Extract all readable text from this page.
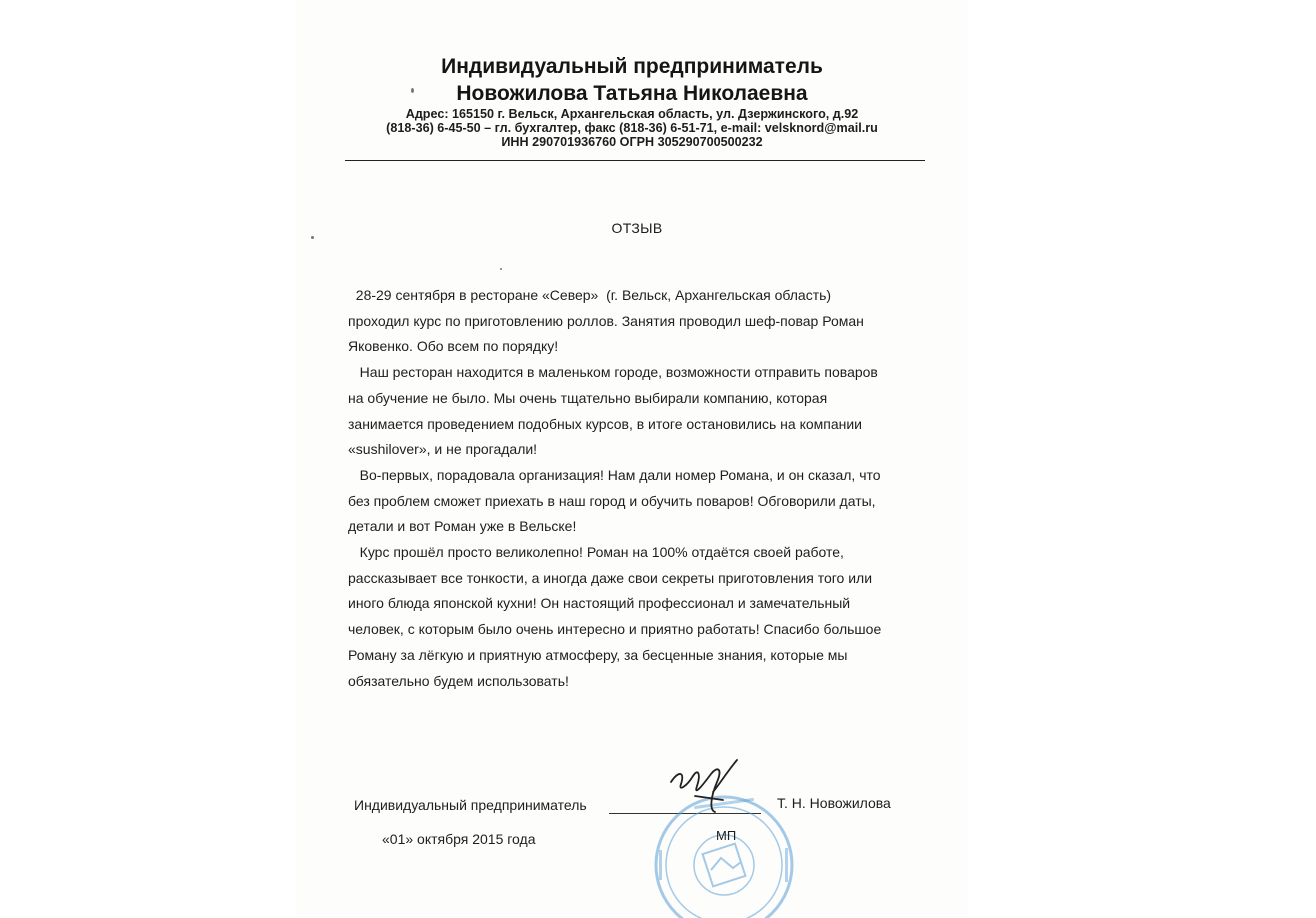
Индивидуальный предприниматель
Новожилова Татьяна Николаевна
Адрес: 165150 г. Вельск, Архангельская область, ул. Дзержинского, д.92
(818-36) 6-45-50 – гл. бухгалтер, факс (818-36) 6-51-71, e-mail: velsknord@mail.ru
ИНН 290701936760 ОГРН 305290700500232
ОТЗЫВ
28-29 сентября в ресторане «Север»  (г. Вельск, Архангельская область)
проходил курс по приготовлению роллов. Занятия проводил шеф-повар Роман
Яковенко. Обо всем по порядку!
Наш ресторан находится в маленьком городе, возможности отправить поваров
на обучение не было. Мы очень тщательно выбирали компанию, которая
занимается проведением подобных курсов, в итоге остановились на компании
«sushilover», и не прогадали!
Во-первых, порадовала организация! Нам дали номер Романа, и он сказал, что
без проблем сможет приехать в наш город и обучить поваров! Обговорили даты,
детали и вот Роман уже в Вельске!
Курс прошёл просто великолепно! Роман на 100% отдаётся своей работе,
рассказывает все тонкости, а иногда даже свои секреты приготовления того или
иного блюда японской кухни! Он настоящий профессионал и замечательный
человек, с которым было очень интересно и приятно работать! Спасибо большое
Роману за лёгкую и приятную атмосферу, за бесценные знания, которые мы
обязательно будем использовать!
Индивидуальный предприниматель
МП
Т. Н. Новожилова
«01» октября 2015 года
